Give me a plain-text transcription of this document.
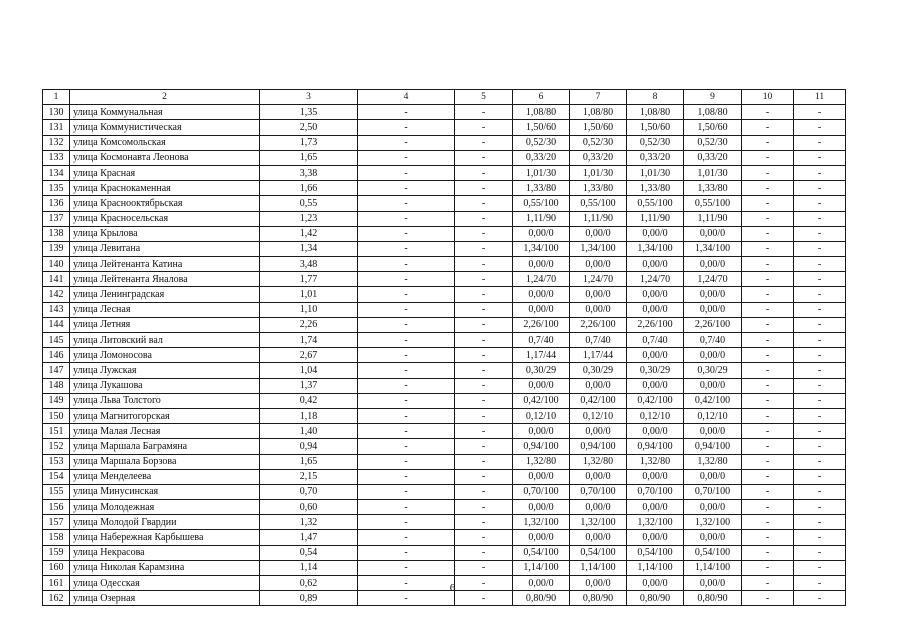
1	2	3	4	5	6	7	8	9	10	11
130	улица Коммунальная	1,35	-	-	1,08/80	1,08/80	1,08/80	1,08/80	-	-
131	улица Коммунистическая	2,50	-	-	1,50/60	1,50/60	1,50/60	1,50/60	-	-
132	улица Комсомольская	1,73	-	-	0,52/30	0,52/30	0,52/30	0,52/30	-	-
133	улица Космонавта Леонова	1,65	-	-	0,33/20	0,33/20	0,33/20	0,33/20	-	-
134	улица Красная	3,38	-	-	1,01/30	1,01/30	1,01/30	1,01/30	-	-
135	улица Краснокаменная	1,66	-	-	1,33/80	1,33/80	1,33/80	1,33/80	-	-
136	улица Краснооктябрьская	0,55	-	-	0,55/100	0,55/100	0,55/100	0,55/100	-	-
137	улица Красносельская	1,23	-	-	1,11/90	1,11/90	1,11/90	1,11/90	-	-
138	улица Крылова	1,42	-	-	0,00/0	0,00/0	0,00/0	0,00/0	-	-
139	улица Левитана	1,34	-	-	1,34/100	1,34/100	1,34/100	1,34/100	-	-
140	улица Лейтенанта Катина	3,48	-	-	0,00/0	0,00/0	0,00/0	0,00/0	-	-
141	улица Лейтенанта Яналова	1,77	-	-	1,24/70	1,24/70	1,24/70	1,24/70	-	-
142	улица Ленинградская	1,01	-	-	0,00/0	0,00/0	0,00/0	0,00/0	-	-
143	улица Лесная	1,10	-	-	0,00/0	0,00/0	0,00/0	0,00/0	-	-
144	улица Летняя	2,26	-	-	2,26/100	2,26/100	2,26/100	2,26/100	-	-
145	улица Литовский вал	1,74	-	-	0,7/40	0,7/40	0,7/40	0,7/40	-	-
146	улица Ломоносова	2,67	-	-	1,17/44	1,17/44	0,00/0	0,00/0	-	-
147	улица Лужская	1,04	-	-	0,30/29	0,30/29	0,30/29	0,30/29	-	-
148	улица Лукашова	1,37	-	-	0,00/0	0,00/0	0,00/0	0,00/0	-	-
149	улица Льва Толстого	0,42	-	-	0,42/100	0,42/100	0,42/100	0,42/100	-	-
150	улица Магнитогорская	1,18	-	-	0,12/10	0,12/10	0,12/10	0,12/10	-	-
151	улица Малая Лесная	1,40	-	-	0,00/0	0,00/0	0,00/0	0,00/0	-	-
152	улица Маршала Баграмяна	0,94	-	-	0,94/100	0,94/100	0,94/100	0,94/100	-	-
153	улица Маршала Борзова	1,65	-	-	1,32/80	1,32/80	1,32/80	1,32/80	-	-
154	улица Менделеева	2,15	-	-	0,00/0	0,00/0	0,00/0	0,00/0	-	-
155	улица Минусинская	0,70	-	-	0,70/100	0,70/100	0,70/100	0,70/100	-	-
156	улица Молодежная	0,60	-	-	0,00/0	0,00/0	0,00/0	0,00/0	-	-
157	улица Молодой Гвардии	1,32	-	-	1,32/100	1,32/100	1,32/100	1,32/100	-	-
158	улица Набережная Карбышева	1,47	-	-	0,00/0	0,00/0	0,00/0	0,00/0	-	-
159	улица Некрасова	0,54	-	-	0,54/100	0,54/100	0,54/100	0,54/100	-	-
160	улица Николая Карамзина	1,14	-	-	1,14/100	1,14/100	1,14/100	1,14/100	-	-
161	улица Одесская	0,62	-	-	0,00/0	0,00/0	0,00/0	0,00/0	-	-
162	улица Озерная	0,89	-	-	0,80/90	0,80/90	0,80/90	0,80/90	-	-
6
